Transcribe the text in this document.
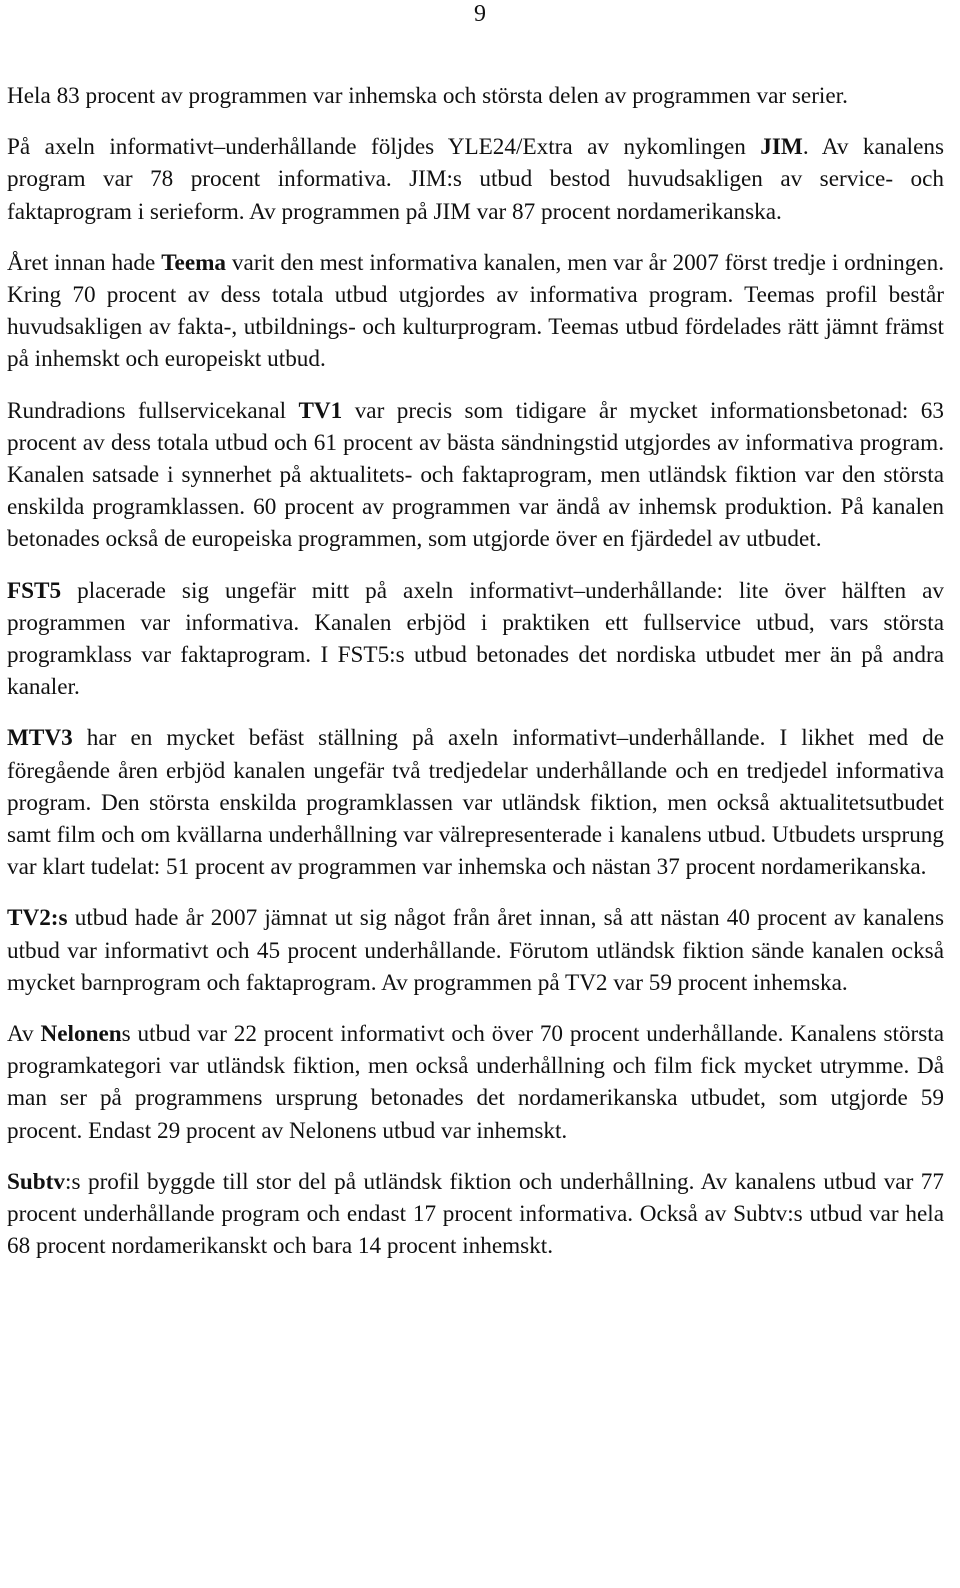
9

Hela 83 procent av programmen var inhemska och största delen av programmen var serier.

På axeln informativt–underhållande följdes YLE24/Extra av nykomlingen JIM. Av kanalens program var 78 procent informativa. JIM:s utbud bestod huvudsakligen av service- och faktaprogram i serieform. Av programmen på JIM var 87 procent nordamerikanska.

Året innan hade Teema varit den mest informativa kanalen, men var år 2007 först tredje i ordningen. Kring 70 procent av dess totala utbud utgjordes av informativa program. Teemas profil består huvudsakligen av fakta-, utbildnings- och kulturprogram. Teemas utbud fördelades rätt jämnt främst på inhemskt och europeiskt utbud.

Rundradions fullservicekanal TV1 var precis som tidigare år mycket informationsbetonad: 63 procent av dess totala utbud och 61 procent av bästa sändningstid utgjordes av informativa program. Kanalen satsade i synnerhet på aktualitets- och faktaprogram, men utländsk fiktion var den största enskilda programklassen. 60 procent av programmen var ändå av inhemsk produktion. På kanalen betonades också de europeiska programmen, som utgjorde över en fjärdedel av utbudet.

FST5 placerade sig ungefär mitt på axeln informativt–underhållande: lite över hälften av programmen var informativa. Kanalen erbjöd i praktiken ett fullservice utbud, vars största programklass var faktaprogram. I FST5:s utbud betonades det nordiska utbudet mer än på andra kanaler.

MTV3 har en mycket befäst ställning på axeln informativt–underhållande. I likhet med de föregående åren erbjöd kanalen ungefär två tredjedelar underhållande och en tredjedel informativa program. Den största enskilda programklassen var utländsk fiktion, men också aktualitetsutbudet samt film och om kvällarna underhållning var välrepresenterade i kanalens utbud. Utbudets ursprung var klart tudelat: 51 procent av programmen var inhemska och nästan 37 procent nordamerikanska.

TV2:s utbud hade år 2007 jämnat ut sig något från året innan, så att nästan 40 procent av kanalens utbud var informativt och 45 procent underhållande. Förutom utländsk fiktion sände kanalen också mycket barnprogram och faktaprogram. Av programmen på TV2 var 59 procent inhemska.

Av Nelonens utbud var 22 procent informativt och över 70 procent underhållande. Kanalens största programkategori var utländsk fiktion, men också underhållning och film fick mycket utrymme. Då man ser på programmens ursprung betonades det nordamerikanska utbudet, som utgjorde 59 procent. Endast 29 procent av Nelonens utbud var inhemskt.

Subtv:s profil byggde till stor del på utländsk fiktion och underhållning. Av kanalens utbud var 77 procent underhållande program och endast 17 procent informativa. Också av Subtv:s utbud var hela 68 procent nordamerikanskt och bara 14 procent inhemskt.
